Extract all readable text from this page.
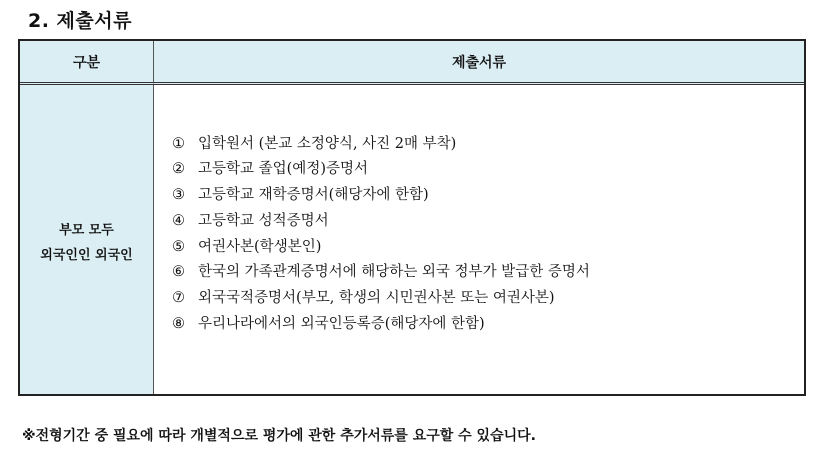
2. 제출서류
구분	제출서류
부모 모두
외국인인 외국인
① 입학원서 (본교 소정양식, 사진 2매 부착)
② 고등학교 졸업(예정)증명서
③ 고등학교 재학증명서(해당자에 한함)
④ 고등학교 성적증명서
⑤ 여권사본(학생본인)
⑥ 한국의 가족관계증명서에 해당하는 외국 정부가 발급한 증명서
⑦ 외국국적증명서(부모, 학생의 시민권사본 또는 여권사본)
⑧ 우리나라에서의 외국인등록증(해당자에 한함)
※전형기간 중 필요에 따라 개별적으로 평가에 관한 추가서류를 요구할 수 있습니다.
